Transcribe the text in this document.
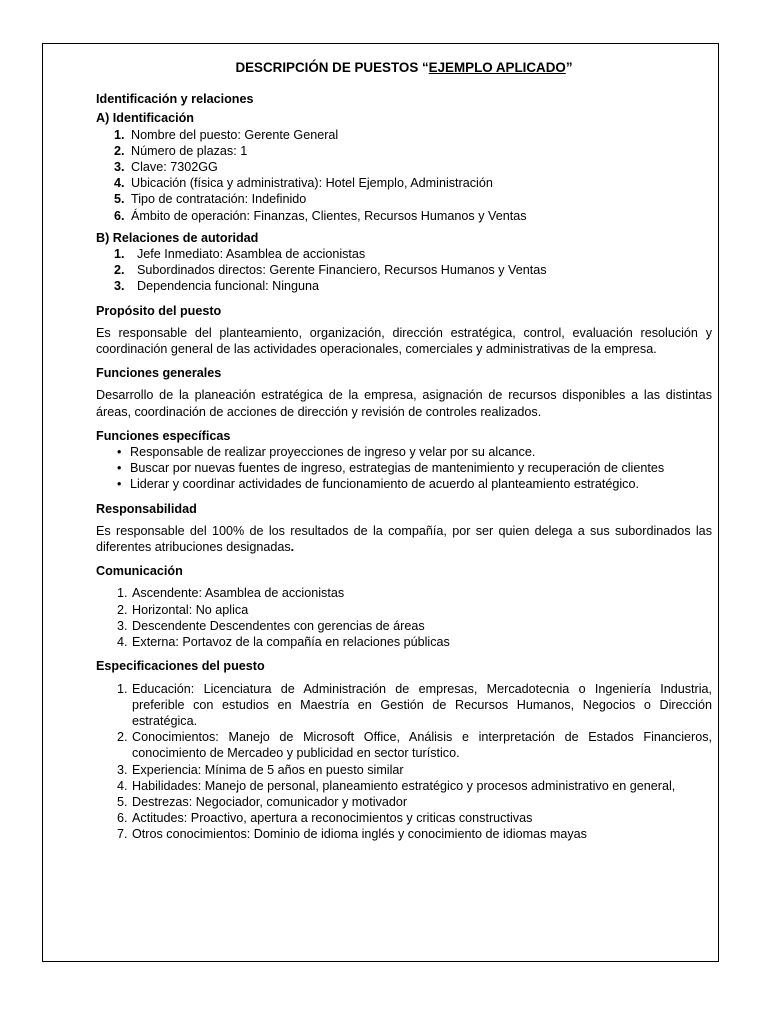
DESCRIPCIÓN DE PUESTOS “EJEMPLO APLICADO”
Identificación y relaciones
A) Identificación
1. Nombre del puesto: Gerente General
2. Número de plazas: 1
3. Clave: 7302GG
4. Ubicación (física y administrativa): Hotel Ejemplo, Administración
5. Tipo de contratación: Indefinido
6. Ámbito de operación: Finanzas, Clientes, Recursos Humanos y Ventas
B) Relaciones de autoridad
1. Jefe Inmediato: Asamblea de accionistas
2. Subordinados directos: Gerente Financiero, Recursos Humanos y Ventas
3. Dependencia funcional: Ninguna
Propósito del puesto
Es responsable del planteamiento, organización, dirección estratégica, control, evaluación resolución y coordinación general de las actividades operacionales, comerciales y administrativas de la empresa.
Funciones generales
Desarrollo de la planeación estratégica de la empresa, asignación de recursos disponibles a las distintas áreas, coordinación de acciones de dirección y revisión de controles realizados.
Funciones específicas
• Responsable de realizar proyecciones de ingreso y velar por su alcance.
• Buscar por nuevas fuentes de ingreso, estrategias de mantenimiento y recuperación de clientes
• Liderar y coordinar actividades de funcionamiento de acuerdo al planteamiento estratégico.
Responsabilidad
Es responsable del 100% de los resultados de la compañía, por ser quien delega a sus subordinados las diferentes atribuciones designadas.
Comunicación
1. Ascendente: Asamblea de accionistas
2. Horizontal: No aplica
3. Descendente Descendentes con gerencias de áreas
4. Externa: Portavoz de la compañía en relaciones públicas
Especificaciones del puesto
1. Educación: Licenciatura de Administración de empresas, Mercadotecnia o Ingeniería Industria, preferible con estudios en Maestría en Gestión de Recursos Humanos, Negocios o Dirección estratégica.
2. Conocimientos: Manejo de Microsoft Office, Análisis e interpretación de Estados Financieros, conocimiento de Mercadeo y publicidad en sector turístico.
3. Experiencia: Mínima de 5 años en puesto similar
4. Habilidades: Manejo de personal, planeamiento estratégico y procesos administrativo en general,
5. Destrezas: Negociador, comunicador y motivador
6. Actitudes: Proactivo, apertura a reconocimientos y criticas constructivas
7. Otros conocimientos: Dominio de idioma inglés y conocimiento de idiomas mayas
